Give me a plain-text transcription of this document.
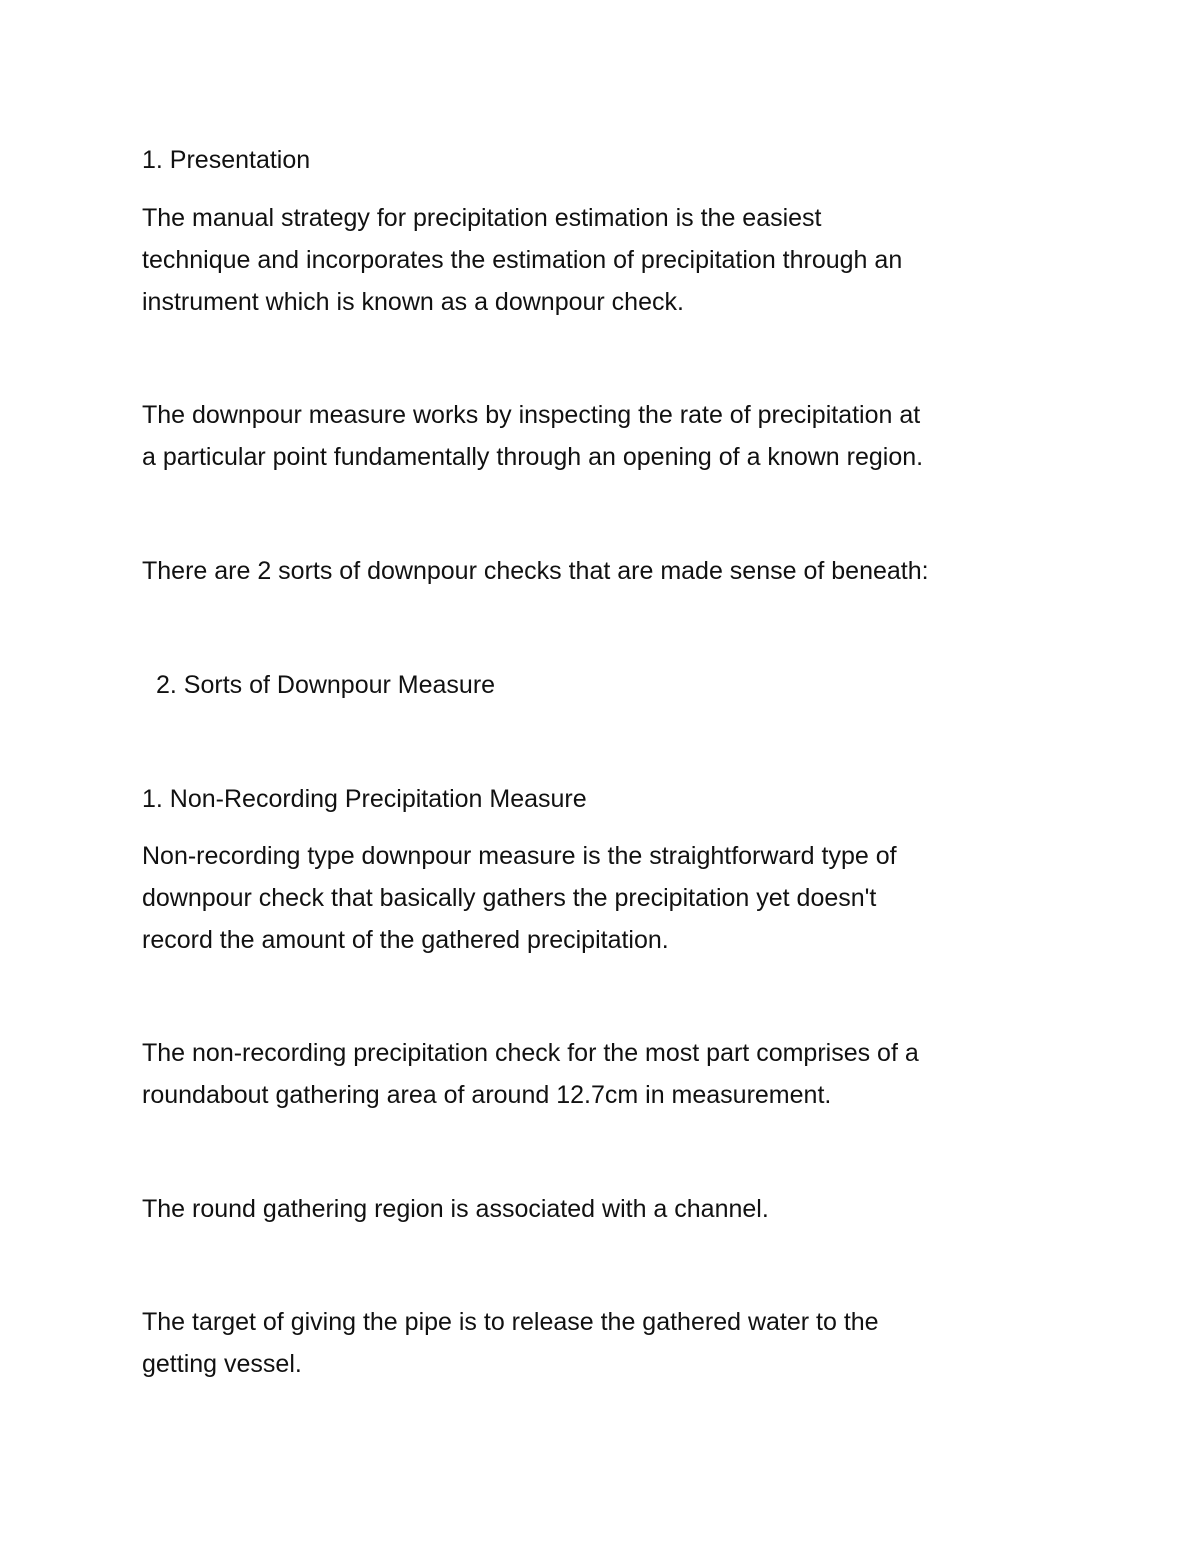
1. Presentation

The manual strategy for precipitation estimation is the easiest

technique and incorporates the estimation of precipitation through an

instrument which is known as a downpour check.

The downpour measure works by inspecting the rate of precipitation at

a particular point fundamentally through an opening of a known region.

There are 2 sorts of downpour checks that are made sense of beneath:

2. Sorts of Downpour Measure

1. Non-Recording Precipitation Measure

Non-recording type downpour measure is the straightforward type of

downpour check that basically gathers the precipitation yet doesn't

record the amount of the gathered precipitation.

The non-recording precipitation check for the most part comprises of a

roundabout gathering area of around 12.7cm in measurement.

The round gathering region is associated with a channel.

The target of giving the pipe is to release the gathered water to the

getting vessel.
